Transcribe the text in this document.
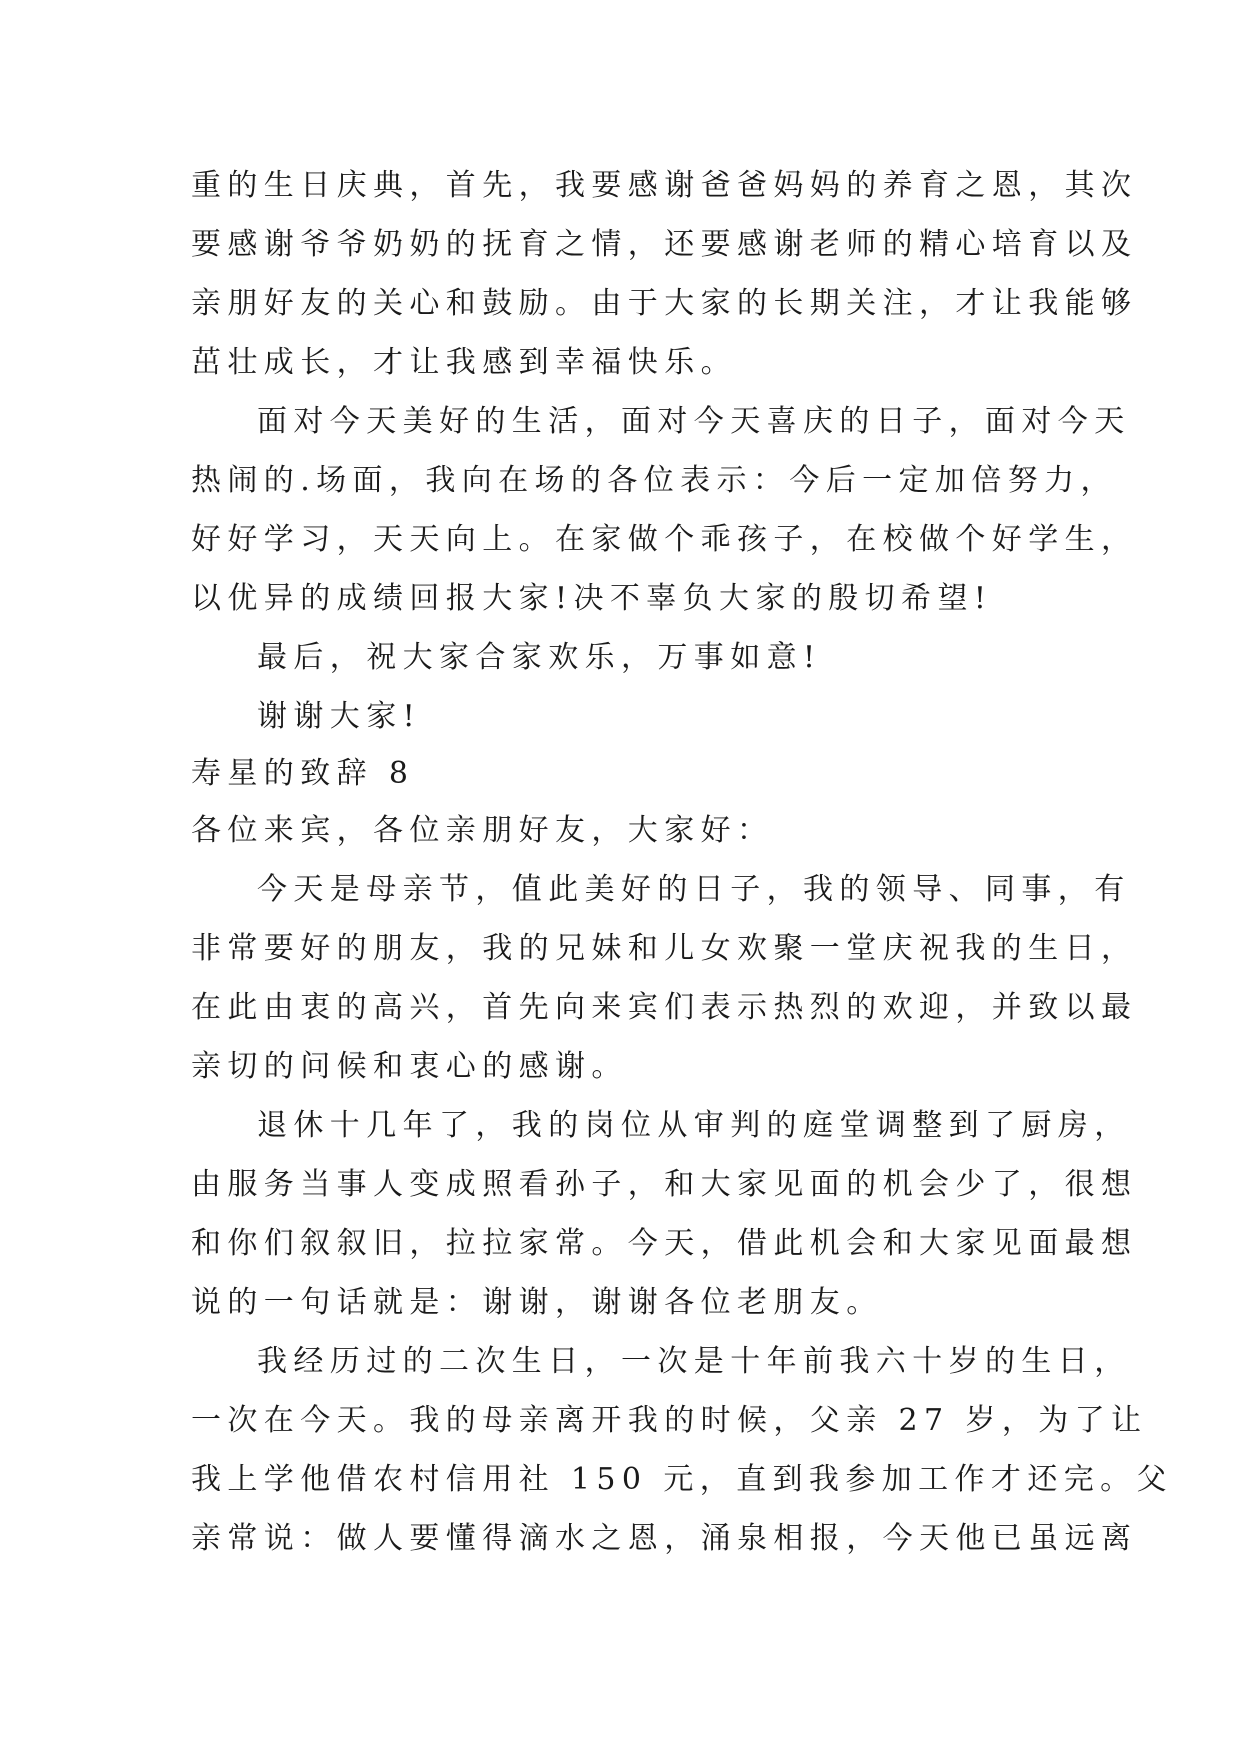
重的生日庆典，首先，我要感谢爸爸妈妈的养育之恩，其次
要感谢爷爷奶奶的抚育之情，还要感谢老师的精心培育以及
亲朋好友的关心和鼓励。由于大家的长期关注，才让我能够
茁壮成长，才让我感到幸福快乐。
面对今天美好的生活，面对今天喜庆的日子，面对今天
热闹的.场面，我向在场的各位表示：今后一定加倍努力，
好好学习，天天向上。在家做个乖孩子，在校做个好学生，
以优异的成绩回报大家!决不辜负大家的殷切希望!
最后，祝大家合家欢乐，万事如意!
谢谢大家!
寿星的致辞 8
各位来宾，各位亲朋好友，大家好：
今天是母亲节，值此美好的日子，我的领导、同事，有
非常要好的朋友，我的兄妹和儿女欢聚一堂庆祝我的生日，
在此由衷的高兴，首先向来宾们表示热烈的欢迎，并致以最
亲切的问候和衷心的感谢。
退休十几年了，我的岗位从审判的庭堂调整到了厨房，
由服务当事人变成照看孙子，和大家见面的机会少了，很想
和你们叙叙旧，拉拉家常。今天，借此机会和大家见面最想
说的一句话就是：谢谢，谢谢各位老朋友。
我经历过的二次生日，一次是十年前我六十岁的生日，
一次在今天。我的母亲离开我的时候，父亲 27 岁，为了让
我上学他借农村信用社 150 元，直到我参加工作才还完。父
亲常说：做人要懂得滴水之恩，涌泉相报，今天他已虽远离
